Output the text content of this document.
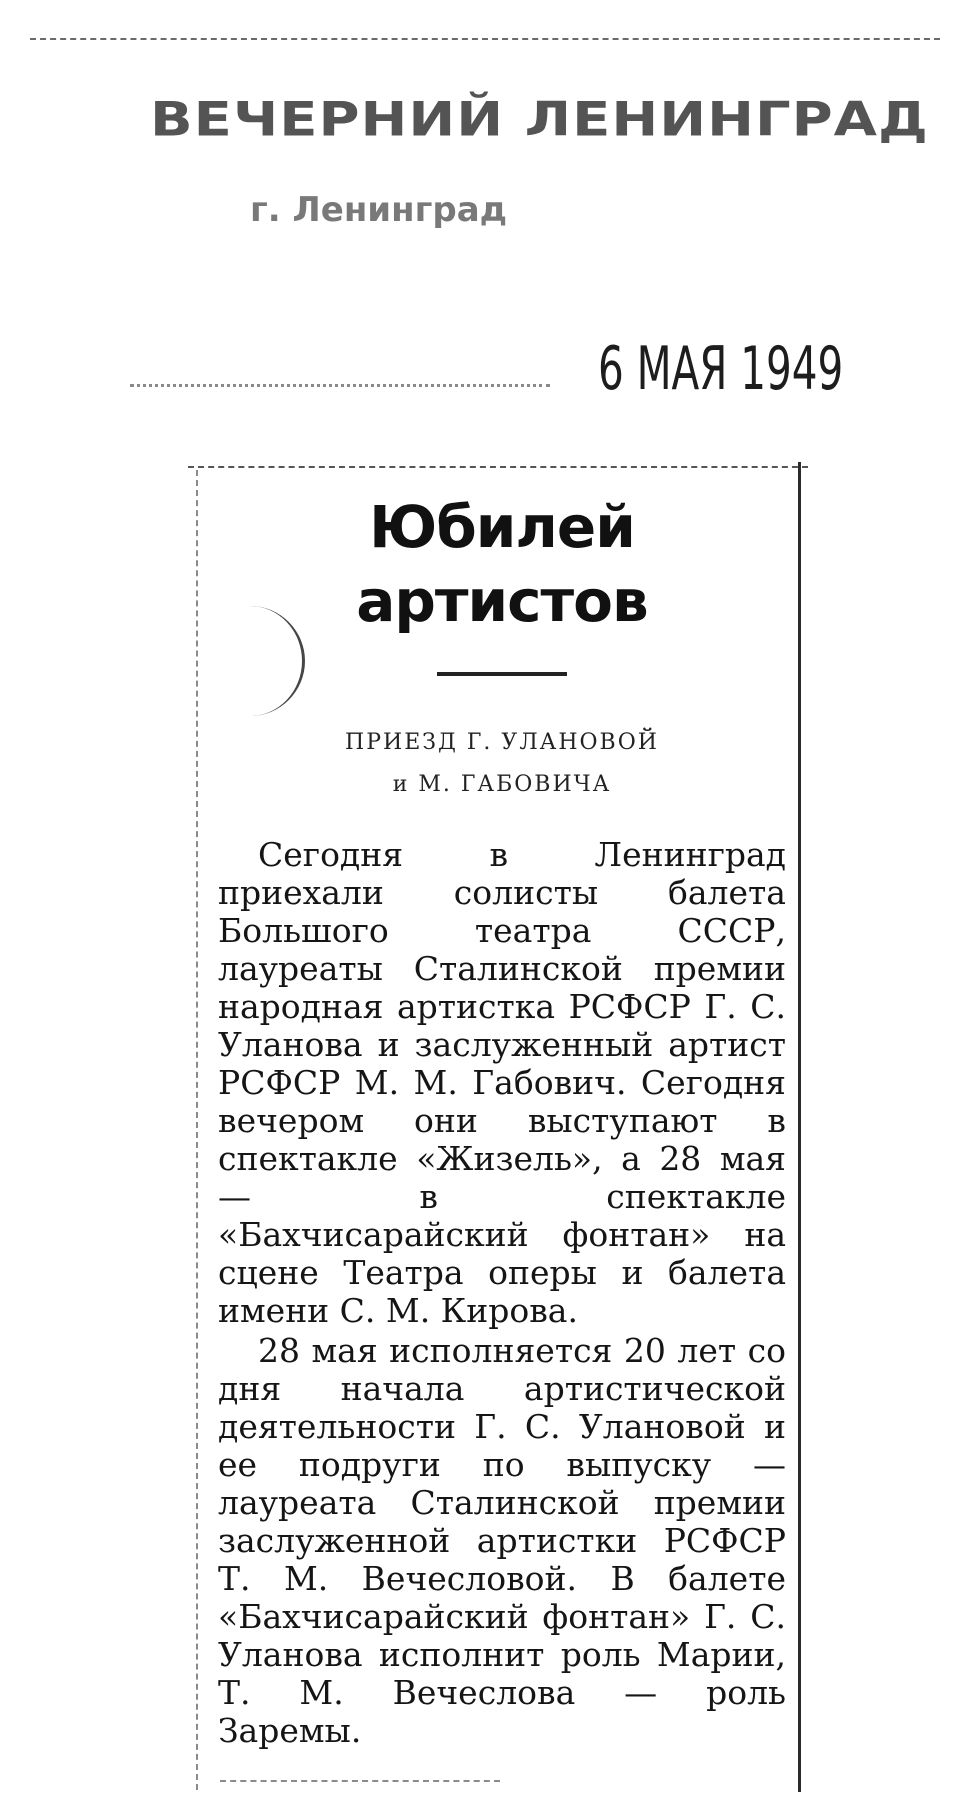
ВЕЧЕРНИЙ ЛЕНИНГРАД
г. Ленинград
6 МАЯ 1949
Юбилей
артистов
ПРИЕЗД Г. УЛАНОВОЙ
и М. ГАБОВИЧА

Сегодня в Ленинград приехали солисты балета Большого театра СССР, лауреаты Сталинской премии народная артистка РСФСР Г. С. Уланова и заслуженный артист РСФСР М. М. Габович. Сегодня вечером они выступают в спектакле «Жизель», а 28 мая — в спектакле «Бахчисарайский фонтан» на сцене Театра оперы и балета имени С. М. Кирова.

28 мая исполняется 20 лет со дня начала артистической деятельности Г. С. Улановой и ее подруги по выпуску — лауреата Сталинской премии заслуженной артистки РСФСР Т. М. Вечесловой. В балете «Бахчисарайский фонтан» Г. С. Уланова исполнит роль Марии, Т. М. Вечеслова — роль Заремы.
